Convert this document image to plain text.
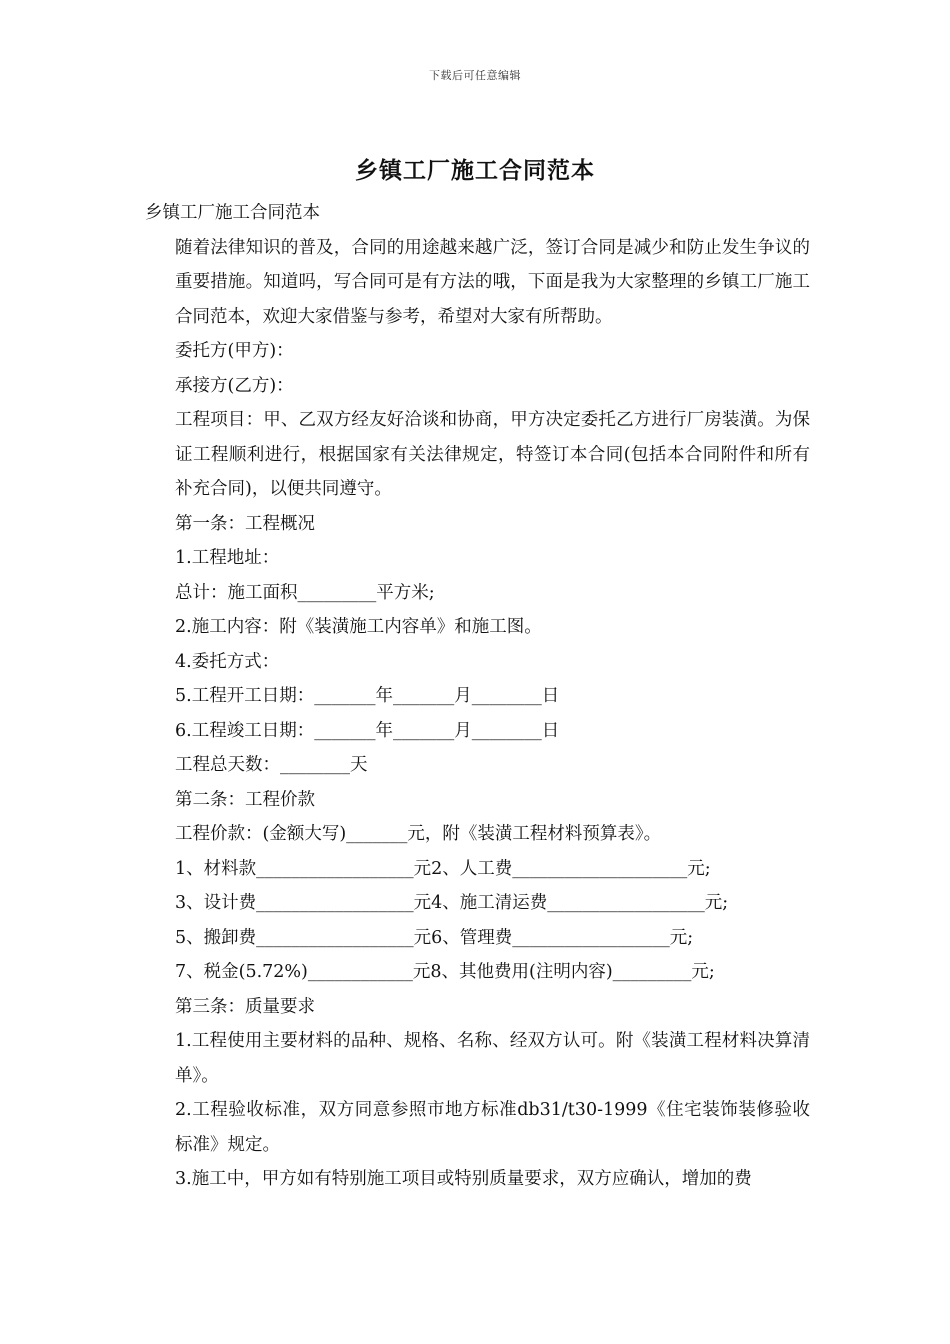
下载后可任意编辑
乡镇工厂施工合同范本

乡镇工厂施工合同范本

随着法律知识的普及，合同的用途越来越广泛，签订合同是减少和防止发生争议的重要措施。知道吗，写合同可是有方法的哦，下面是我为大家整理的乡镇工厂施工合同范本，欢迎大家借鉴与参考，希望对大家有所帮助。

委托方(甲方)：

承接方(乙方)：

工程项目：甲、乙双方经友好洽谈和协商，甲方决定委托乙方进行厂房装潢。为保证工程顺利进行，根据国家有关法律规定，特签订本合同(包括本合同附件和所有补充合同)，以便共同遵守。

第一条：工程概况

1.工程地址：

总计：施工面积_________平方米;

2.施工内容：附《装潢施工内容单》和施工图。

4.委托方式：

5.工程开工日期：_______年_______月________日

6.工程竣工日期：_______年_______月________日

工程总天数：________天

第二条：工程价款

工程价款：(金额大写)_______元，附《装潢工程材料预算表》。

1、材料款__________________元2、人工费____________________元;

3、设计费__________________元4、施工清运费__________________元;

5、搬卸费__________________元6、管理费__________________元;

7、税金(5.72%)____________元8、其他费用(注明内容)_________元;

第三条：质量要求

1.工程使用主要材料的品种、规格、名称、经双方认可。附《装潢工程材料决算清单》。

2.工程验收标准，双方同意参照市地方标准db31/t30-1999《住宅装饰装修验收标准》规定。

3.施工中，甲方如有特别施工项目或特别质量要求，双方应确认，增加的费
